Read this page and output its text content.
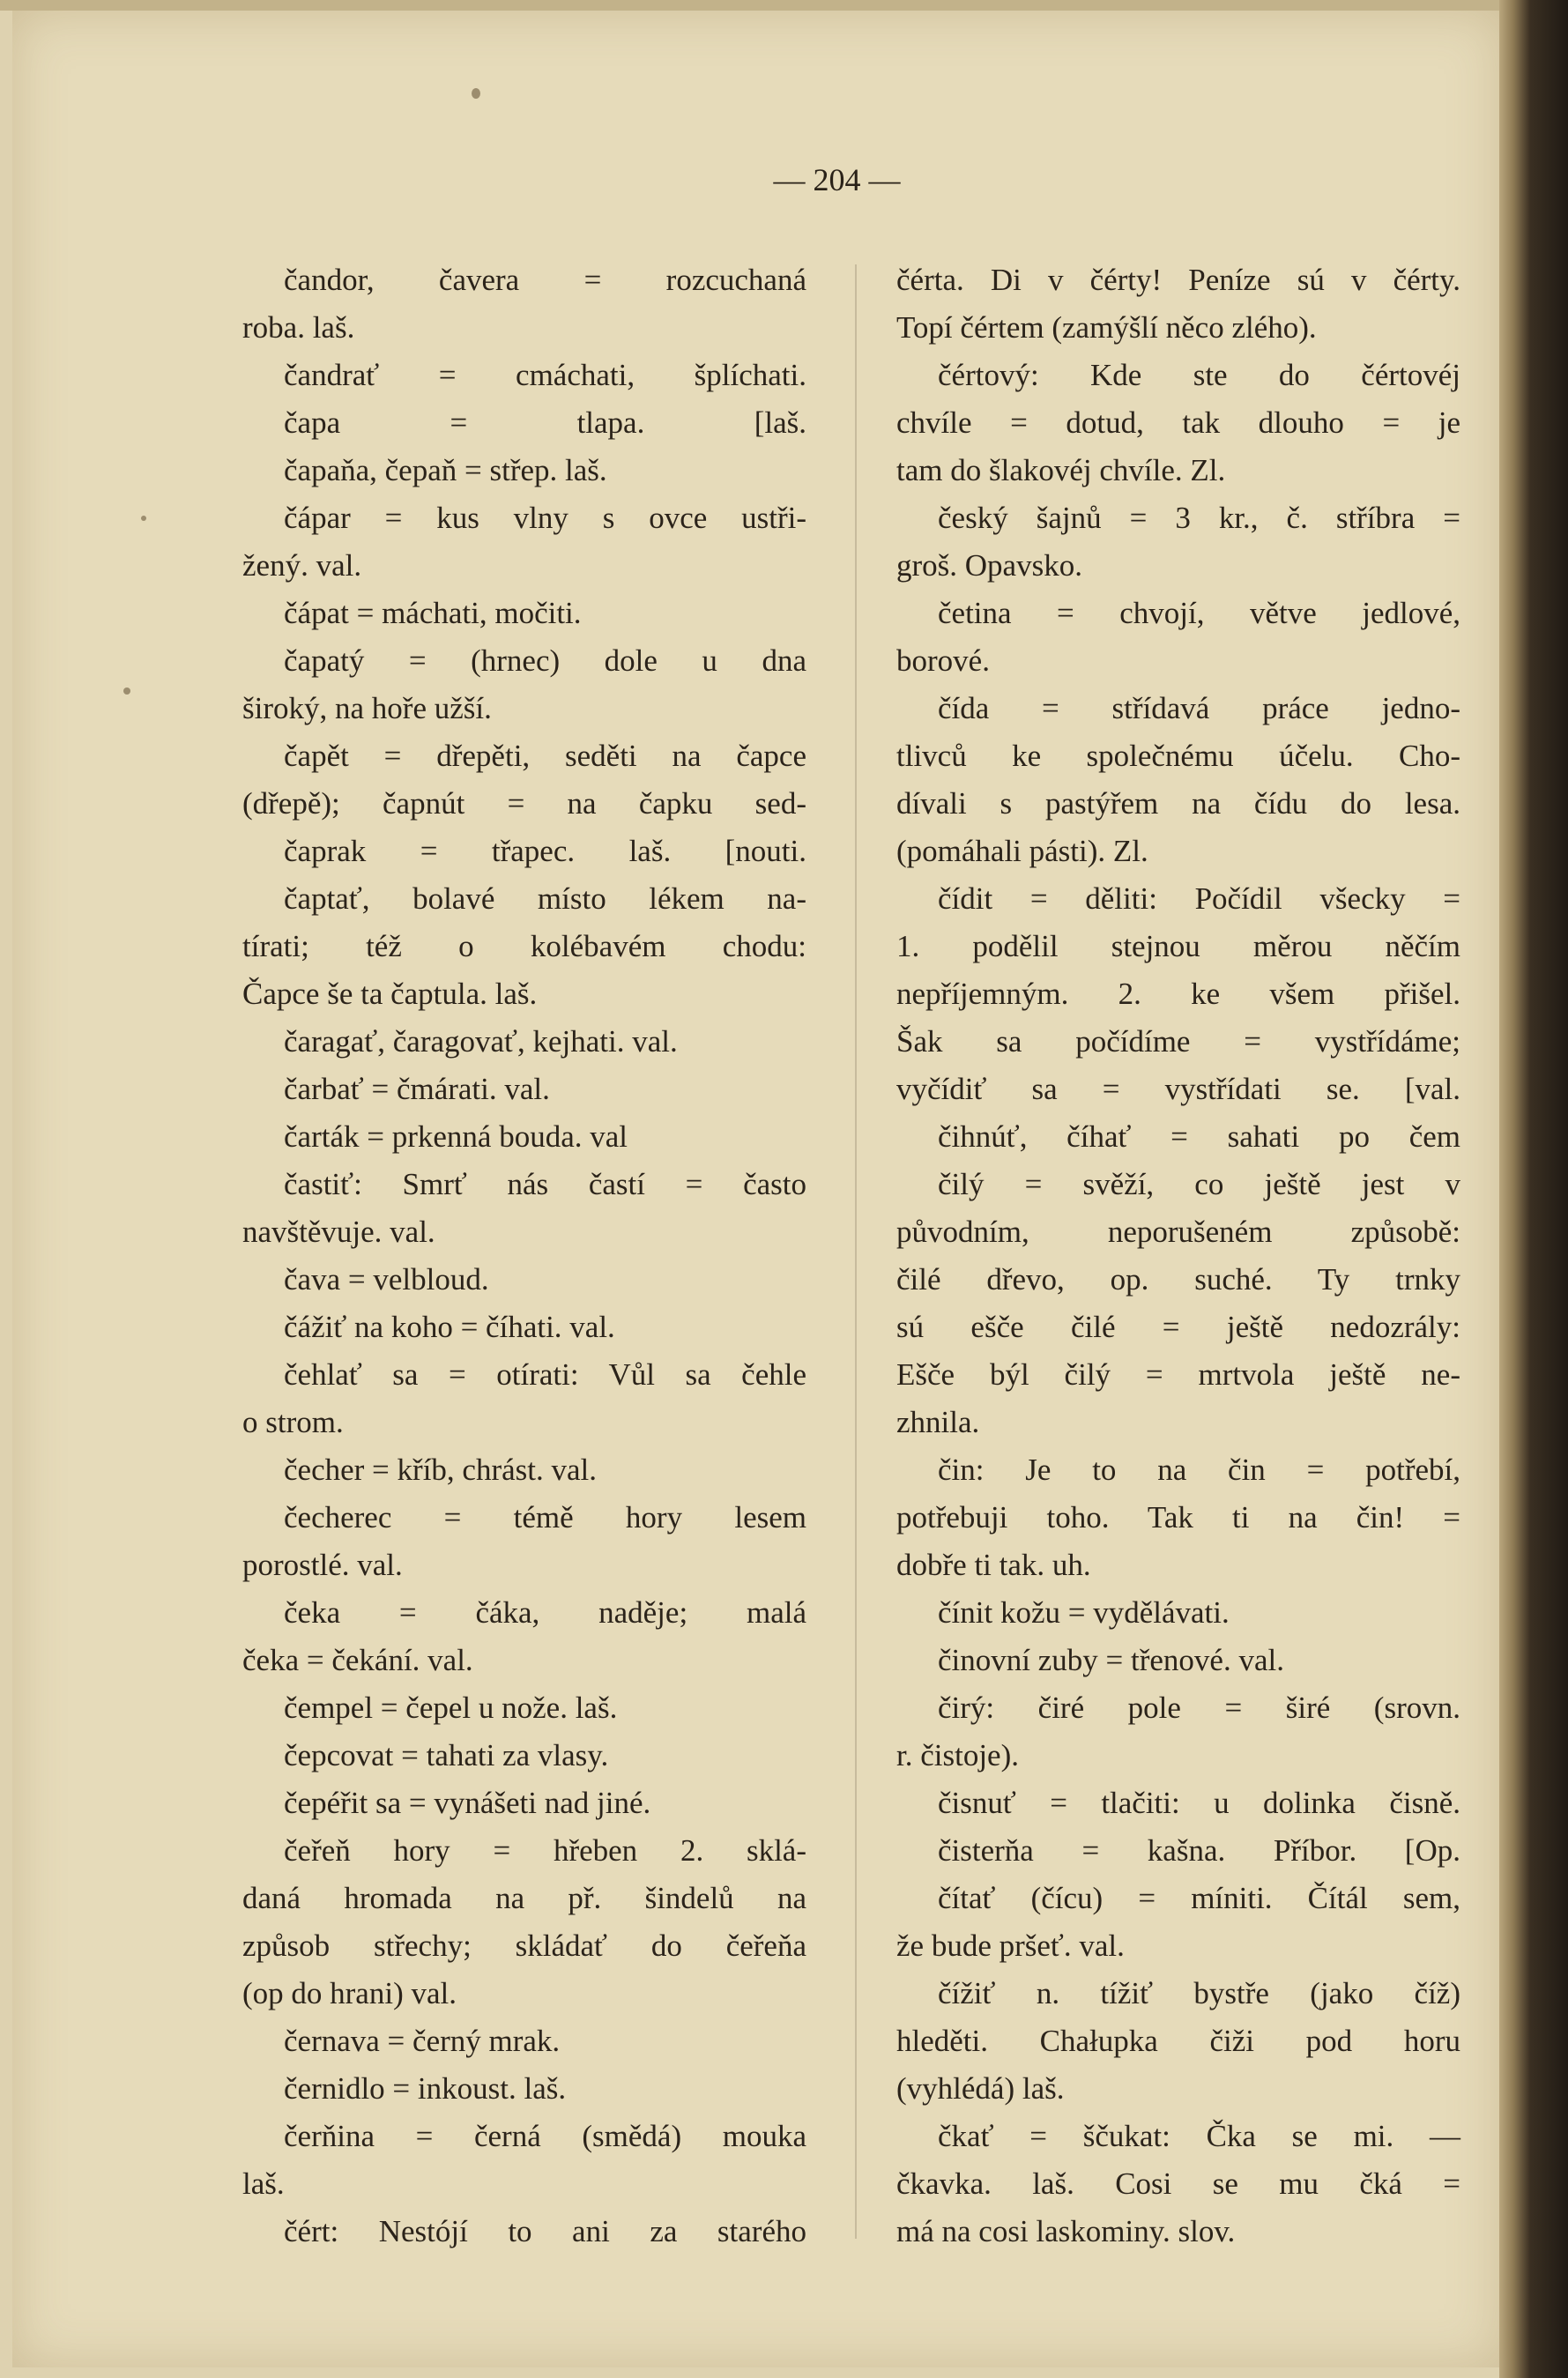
— 204 —
čandor, čavera = rozcuchaná
roba. laš.
čandrať = cmáchati, šplíchati.
čapa = tlapa. [laš.
čapaňa, čepaň = střep. laš.
čápar = kus vlny s ovce ustři-
žený. val.
čápat = máchati, močiti.
čapatý = (hrnec) dole u dna
široký, na hoře užší.
čapět = dřepěti, seděti na čapce
(dřepě); čapnút = na čapku sed-
čaprak = třapec. laš. [nouti.
čaptať, bolavé místo lékem na-
tírati; též o kolébavém chodu:
Čapce še ta čaptula. laš.
čaragať, čaragovať, kejhati. val.
čarbať = čmárati. val.
čarták = prkenná bouda. val
častiť: Smrť nás častí = často
navštěvuje. val.
čava = velbloud.
čážiť na koho = číhati. val.
čehlať sa = otírati: Vůl sa čehle
o strom.
čecher = kříb, chrást. val.
čecherec = témě hory lesem
porostlé. val.
čeka = čáka, naděje; malá
čeka = čekání. val.
čempel = čepel u nože. laš.
čepcovat = tahati za vlasy.
čepéřit sa = vynášeti nad jiné.
čeřeň hory = hřeben 2. sklá-
daná hromada na př. šindelů na
způsob střechy; skládať do čeřeňa
(op do hrani) val.
černava = černý mrak.
černidlo = inkoust. laš.
čerňina = černá (smědá) mouka
laš.
čért: Nestójí to ani za starého
čérta. Di v čérty! Peníze sú v čérty.
Topí čértem (zamýšlí něco zlého).
čértový: Kde ste do čértovéj
chvíle = dotud, tak dlouho = je
tam do šlakovéj chvíle. Zl.
český šajnů = 3 kr., č. stříbra =
groš. Opavsko.
četina = chvojí, větve jedlové,
borové.
čída = střídavá práce jedno-
tlivců ke společnému účelu. Cho-
dívali s pastýřem na čídu do lesa.
(pomáhali pásti). Zl.
čídit = děliti: Počídil všecky =
1. podělil stejnou měrou něčím
nepříjemným. 2. ke všem přišel.
Šak sa počídíme = vystřídáme;
vyčídiť sa = vystřídati se. [val.
čihnúť, číhať = sahati po čem
čilý = svěží, co ještě jest v
původním, neporušeném způsobě:
čilé dřevo, op. suché. Ty trnky
sú ešče čilé = ještě nedozrály:
Ešče býl čilý = mrtvola ještě ne-
zhnila.
čin: Je to na čin = potřebí,
potřebuji toho. Tak ti na čin! =
dobře ti tak. uh.
čínit kožu = vydělávati.
činovní zuby = třenové. val.
čirý: čiré pole = širé (srovn.
r. čistoje).
čisnuť = tlačiti: u dolinka čisně.
čisterňa = kašna. Příbor. [Op.
čítať (čícu) = míniti. Čítál sem,
že bude pršeť. val.
čížiť n. tížiť bystře (jako číž)
hleděti. Chałupka čiži pod horu
(vyhlédá) laš.
čkať = ščukat: Čka se mi. —
čkavka. laš. Cosi se mu čká =
má na cosi laskominy. slov.
